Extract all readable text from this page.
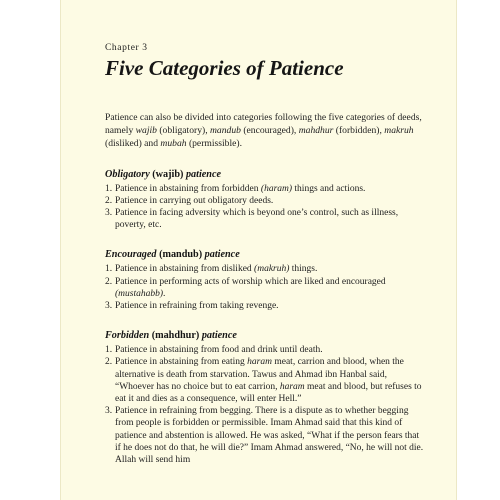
Chapter 3

Five Categories of Patience

Patience can also be divided into categories following the five categories of deeds, namely wajib (obligatory), mandub (encouraged), mahdhur (forbidden), makruh (disliked) and mubah (permissible).

Obligatory (wajib) patience
1. Patience in abstaining from forbidden (haram) things and actions.
2. Patience in carrying out obligatory deeds.
3. Patience in facing adversity which is beyond one’s control, such as illness, poverty, etc.
Encouraged (mandub) patience
1. Patience in abstaining from disliked (makruh) things.
2. Patience in performing acts of worship which are liked and encouraged (mustahabb).
3. Patience in refraining from taking revenge.
Forbidden (mahdhur) patience
1. Patience in abstaining from food and drink until death.
2. Patience in abstaining from eating haram meat, carrion and blood, when the alternative is death from starvation. Tawus and Ahmad ibn Hanbal said, “Whoever has no choice but to eat carrion, haram meat and blood, but refuses to eat it and dies as a consequence, will enter Hell.”
3. Patience in refraining from begging. There is a dispute as to whether begging from people is forbidden or permissible. Imam Ahmad said that this kind of patience and abstention is allowed. He was asked, “What if the person fears that if he does not do that, he will die?” Imam Ahmad answered, “No, he will not die. Allah will send him
